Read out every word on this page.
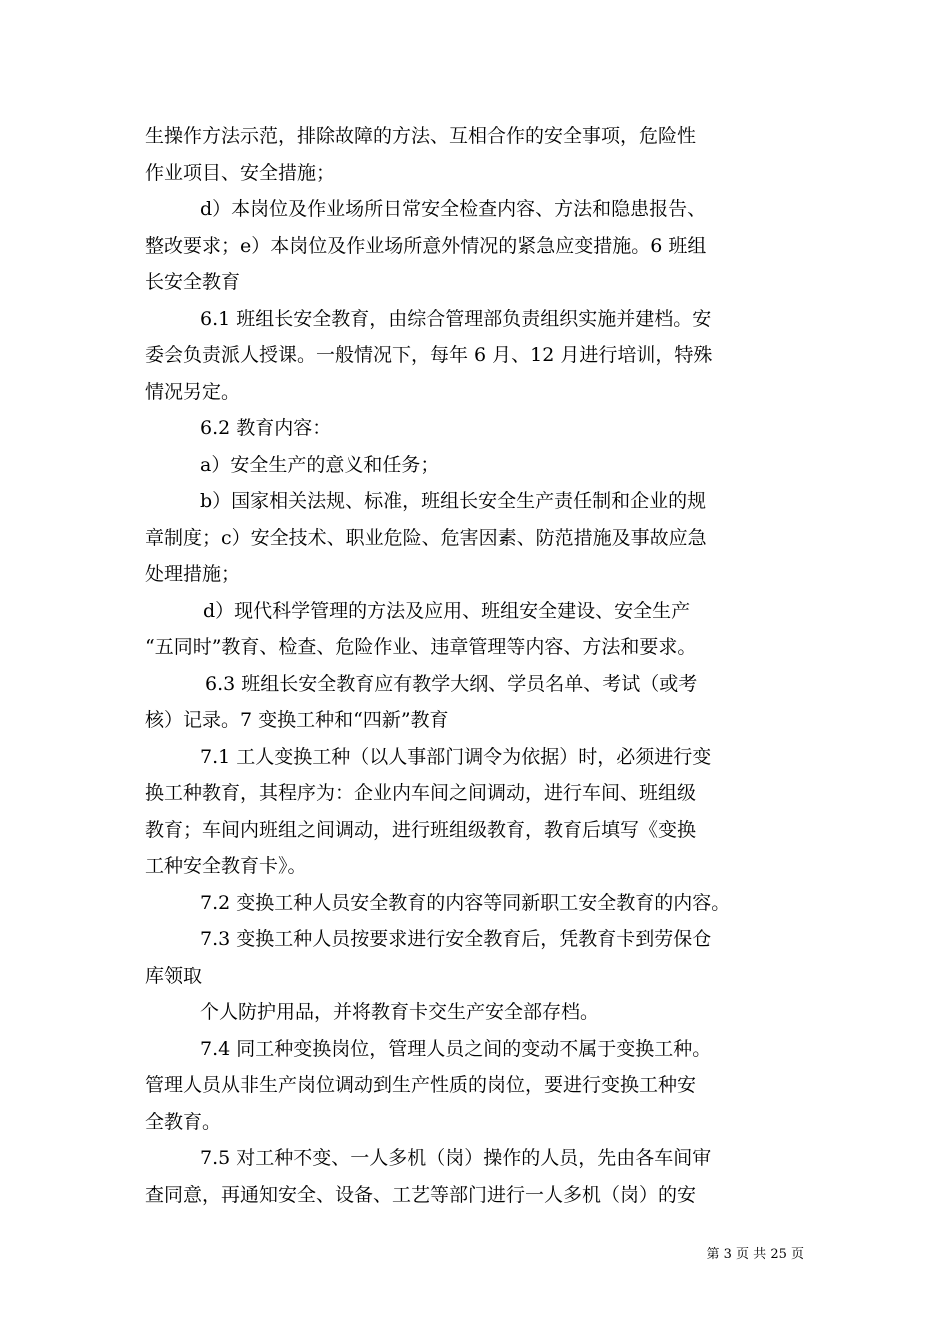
生操作方法示范，排除故障的方法、互相合作的安全事项，危险性
作业项目、安全措施；
d）本岗位及作业场所日常安全检查内容、方法和隐患报告、
整改要求；e）本岗位及作业场所意外情况的紧急应变措施。6 班组
长安全教育
6.1 班组长安全教育，由综合管理部负责组织实施并建档。安
委会负责派人授课。一般情况下，每年 6 月、12 月进行培训，特殊
情况另定。
6.2 教育内容：
a）安全生产的意义和任务；
b）国家相关法规、标准，班组长安全生产责任制和企业的规
章制度；c）安全技术、职业危险、危害因素、防范措施及事故应急
处理措施；
d）现代科学管理的方法及应用、班组安全建设、安全生产
“五同时”教育、检查、危险作业、违章管理等内容、方法和要求。
6.3 班组长安全教育应有教学大纲、学员名单、考试（或考
核）记录。7 变换工种和“四新”教育
7.1 工人变换工种（以人事部门调令为依据）时，必须进行变
换工种教育，其程序为：企业内车间之间调动，进行车间、班组级
教育；车间内班组之间调动，进行班组级教育，教育后填写《变换
工种安全教育卡》。
7.2 变换工种人员安全教育的内容等同新职工安全教育的内容。
7.3 变换工种人员按要求进行安全教育后，凭教育卡到劳保仓
库领取
个人防护用品，并将教育卡交生产安全部存档。
7.4 同工种变换岗位，管理人员之间的变动不属于变换工种。
管理人员从非生产岗位调动到生产性质的岗位，要进行变换工种安
全教育。
7.5 对工种不变、一人多机（岗）操作的人员，先由各车间审
查同意，再通知安全、设备、工艺等部门进行一人多机（岗）的安
第 3 页 共 25 页
